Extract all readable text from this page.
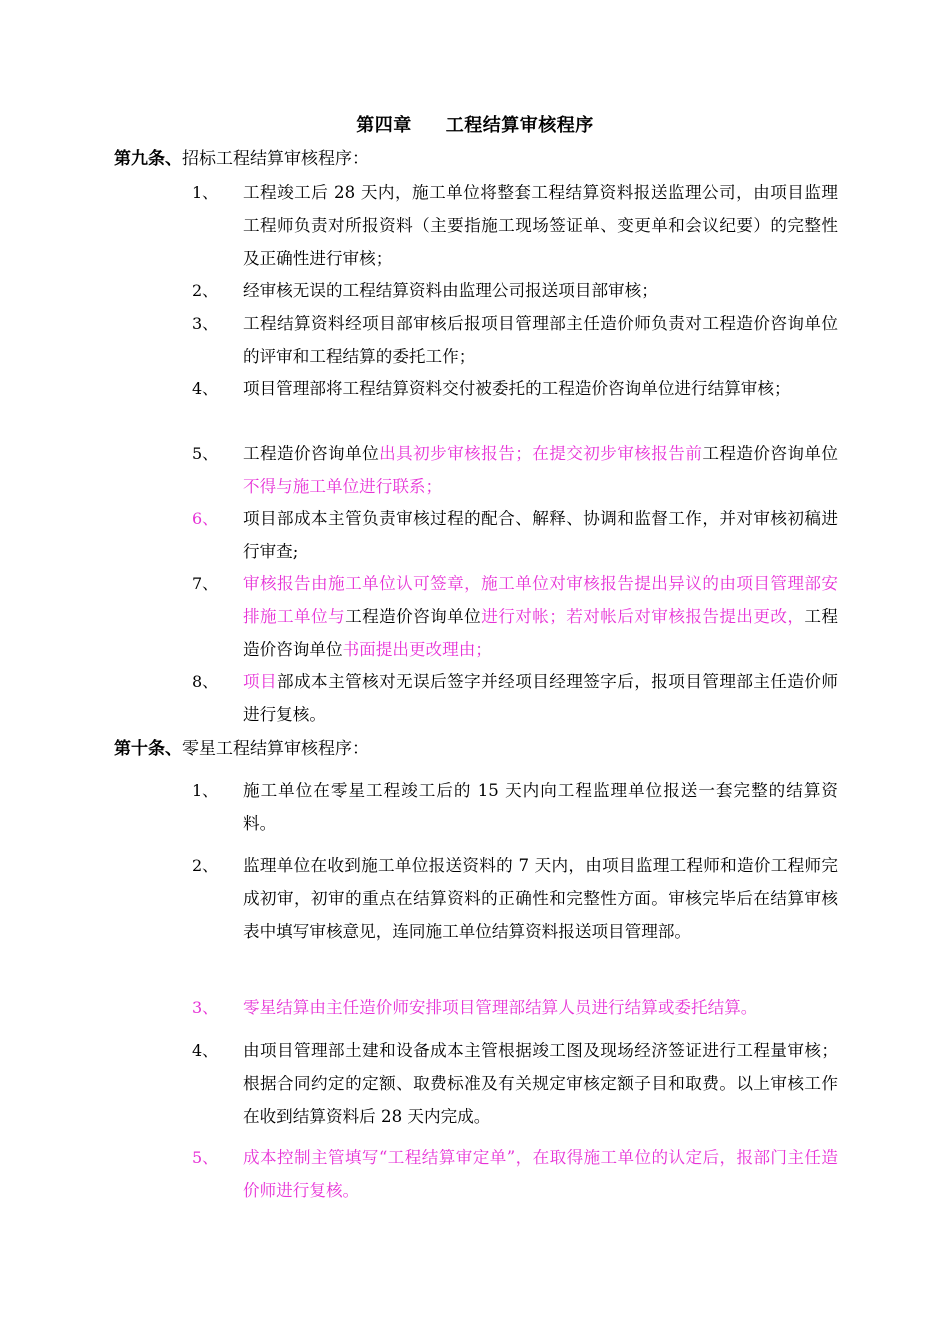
第四章 工程结算审核程序
第九条、招标工程结算审核程序：
1、	工程竣工后 28 天内，施工单位将整套工程结算资料报送监理公司，由项目监理工程师负责对所报资料（主要指施工现场签证单、变更单和会议纪要）的完整性及正确性进行审核；
2、	经审核无误的工程结算资料由监理公司报送项目部审核；
3、	工程结算资料经项目部审核后报项目管理部主任造价师负责对工程造价咨询单位的评审和工程结算的委托工作；
4、	项目管理部将工程结算资料交付被委托的工程造价咨询单位进行结算审核；
5、	工程造价咨询单位出具初步审核报告；在提交初步审核报告前工程造价咨询单位不得与施工单位进行联系；
6、	项目部成本主管负责审核过程的配合、解释、协调和监督工作，并对审核初稿进行审查;
7、	审核报告由施工单位认可签章，施工单位对审核报告提出异议的由项目管理部安排施工单位与工程造价咨询单位进行对帐；若对帐后对审核报告提出更改，工程造价咨询单位书面提出更改理由；
8、	项目部成本主管核对无误后签字并经项目经理签字后，报项目管理部主任造价师进行复核。
第十条、零星工程结算审核程序：
1、	施工单位在零星工程竣工后的 15 天内向工程监理单位报送一套完整的结算资料。
2、	监理单位在收到施工单位报送资料的 7 天内，由项目监理工程师和造价工程师完成初审，初审的重点在结算资料的正确性和完整性方面。审核完毕后在结算审核表中填写审核意见，连同施工单位结算资料报送项目管理部。
3、	零星结算由主任造价师安排项目管理部结算人员进行结算或委托结算。
4、	由项目管理部土建和设备成本主管根据竣工图及现场经济签证进行工程量审核；根据合同约定的定额、取费标准及有关规定审核定额子目和取费。以上审核工作在收到结算资料后 28 天内完成。
5、	成本控制主管填写“工程结算审定单”，在取得施工单位的认定后，报部门主任造价师进行复核。
